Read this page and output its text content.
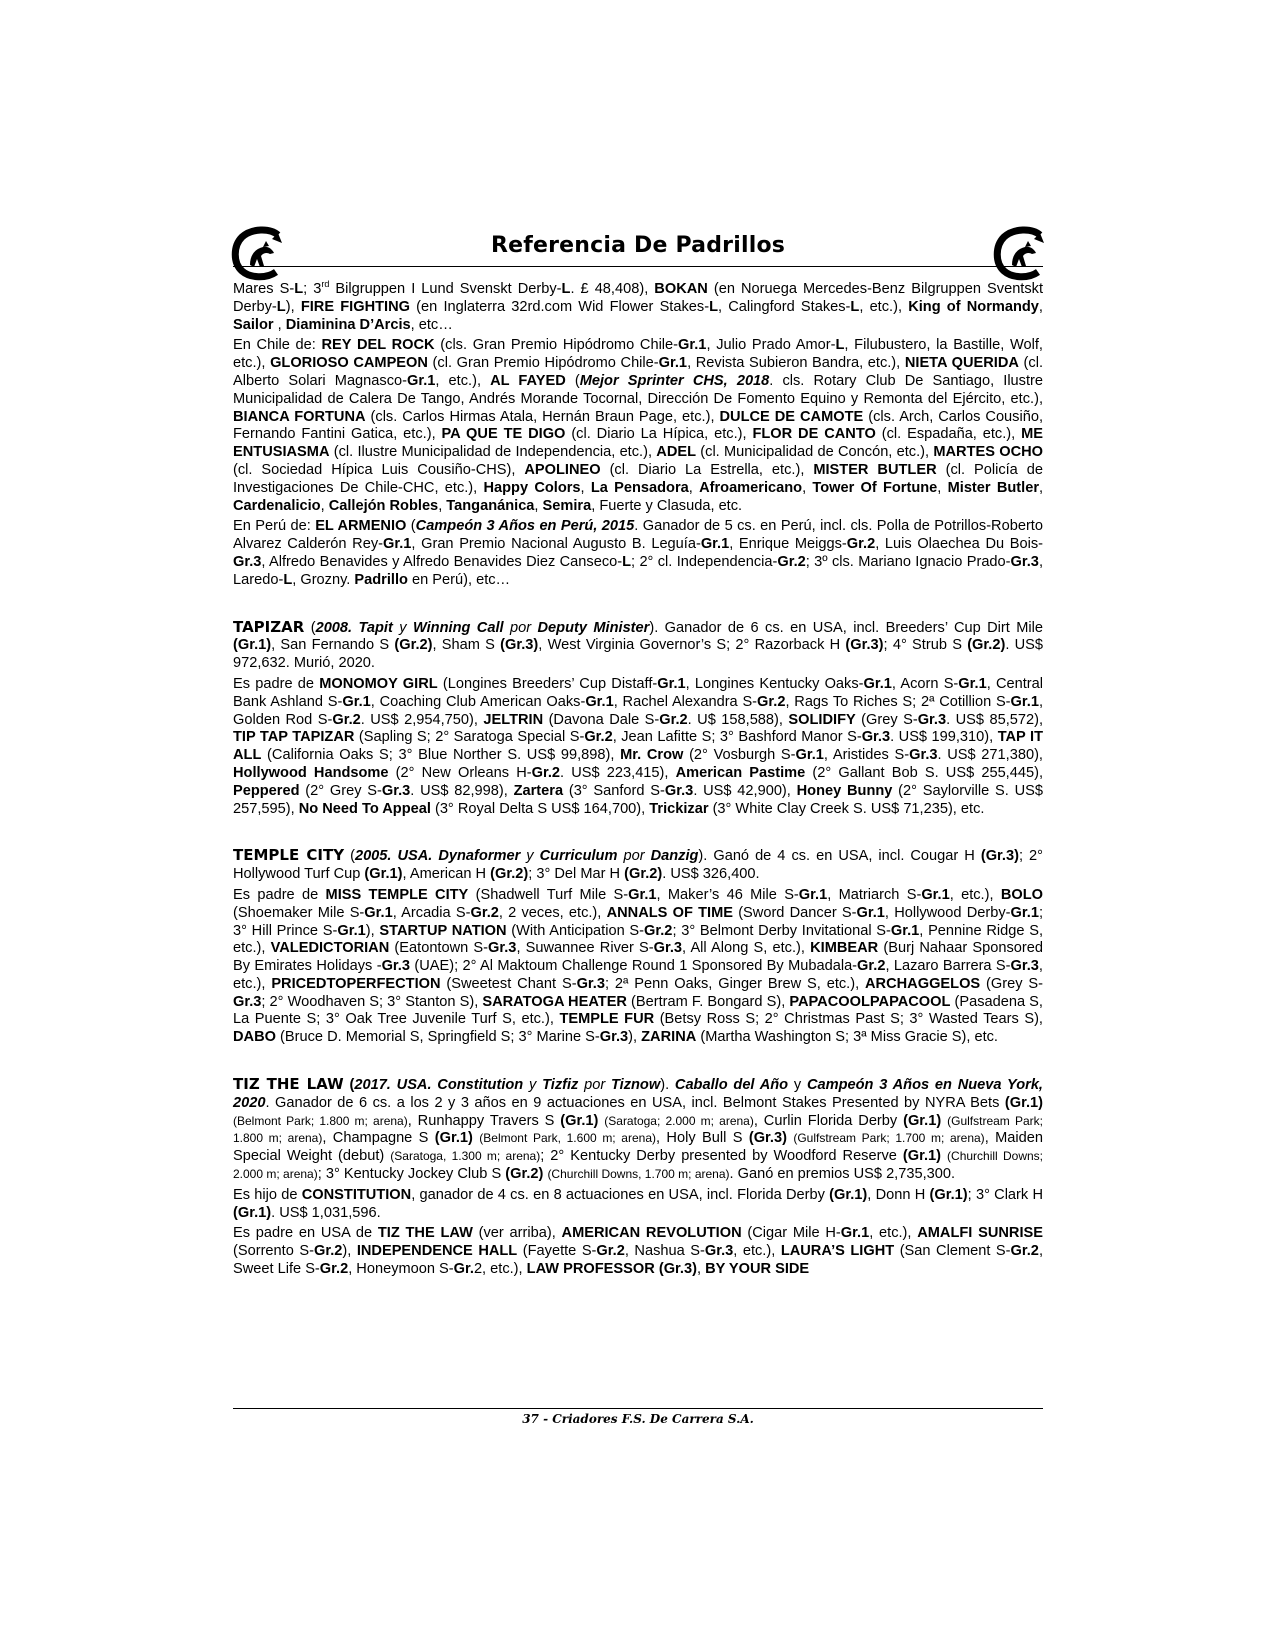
Referencia De Padrillos

Mares S-L; 3rd Bilgruppen I Lund Svenskt Derby-L. £ 48,408), BOKAN (en Noruega Mercedes-Benz Bilgruppen Sventskt Derby-L), FIRE FIGHTING (en Inglaterra 32rd.com Wid Flower Stakes-L, Calingford Stakes-L, etc.), King of Normandy, Sailor , Diaminina D’Arcis, etc…

En Chile de: REY DEL ROCK (cls. Gran Premio Hipódromo Chile-Gr.1, Julio Prado Amor-L, Filubustero, la Bastille, Wolf, etc.), GLORIOSO CAMPEON (cl. Gran Premio Hipódromo Chile-Gr.1, Revista Subieron Bandra, etc.), NIETA QUERIDA (cl. Alberto Solari Magnasco-Gr.1, etc.), AL FAYED (Mejor Sprinter CHS, 2018. cls. Rotary Club De Santiago, Ilustre Municipalidad de Calera De Tango, Andrés Morande Tocornal, Dirección De Fomento Equino y Remonta del Ejército, etc.), BIANCA FORTUNA (cls. Carlos Hirmas Atala, Hernán Braun Page, etc.), DULCE DE CAMOTE (cls. Arch, Carlos Cousiño, Fernando Fantini Gatica, etc.), PA QUE TE DIGO (cl. Diario La Hípica, etc.), FLOR DE CANTO (cl. Espadaña, etc.), ME ENTUSIASMA (cl. Ilustre Municipalidad de Independencia, etc.), ADEL (cl. Municipalidad de Concón, etc.), MARTES OCHO (cl. Sociedad Hípica Luis Cousiño-CHS), APOLINEO (cl. Diario La Estrella, etc.), MISTER BUTLER (cl. Policía de Investigaciones De Chile-CHC, etc.), Happy Colors, La Pensadora, Afroamericano, Tower Of Fortune, Mister Butler, Cardenalicio, Callejón Robles, Tanganánica, Semira, Fuerte y Clasuda, etc.

En Perú de: EL ARMENIO (Campeón 3 Años en Perú, 2015. Ganador de 5 cs. en Perú, incl. cls. Polla de Potrillos-Roberto Alvarez Calderón Rey-Gr.1, Gran Premio Nacional Augusto B. Leguía-Gr.1, Enrique Meiggs-Gr.2, Luis Olaechea Du Bois-Gr.3, Alfredo Benavides y Alfredo Benavides Diez Canseco-L; 2° cl. Independencia-Gr.2; 3º cls. Mariano Ignacio Prado-Gr.3, Laredo-L, Grozny. Padrillo en Perú), etc…

TAPIZAR (2008. Tapit y Winning Call por Deputy Minister). Ganador de 6 cs. en USA, incl. Breeders’ Cup Dirt Mile (Gr.1), San Fernando S (Gr.2), Sham S (Gr.3), West Virginia Governor’s S; 2° Razorback H (Gr.3); 4° Strub S (Gr.2). US$ 972,632. Murió, 2020.

Es padre de MONOMOY GIRL (Longines Breeders’ Cup Distaff-Gr.1, Longines Kentucky Oaks-Gr.1, Acorn S-Gr.1, Central Bank Ashland S-Gr.1, Coaching Club American Oaks-Gr.1, Rachel Alexandra S-Gr.2, Rags To Riches S; 2ª Cotillion S-Gr.1, Golden Rod S-Gr.2. US$ 2,954,750), JELTRIN (Davona Dale S-Gr.2. U$ 158,588), SOLIDIFY (Grey S-Gr.3. US$ 85,572), TIP TAP TAPIZAR (Sapling S; 2° Saratoga Special S-Gr.2, Jean Lafitte S; 3° Bashford Manor S-Gr.3. US$ 199,310), TAP IT ALL (California Oaks S; 3° Blue Norther S. US$ 99,898), Mr. Crow (2° Vosburgh S-Gr.1, Aristides S-Gr.3. US$ 271,380), Hollywood Handsome (2° New Orleans H-Gr.2. US$ 223,415), American Pastime (2° Gallant Bob S. US$ 255,445), Peppered (2° Grey S-Gr.3. US$ 82,998), Zartera (3° Sanford S-Gr.3. US$ 42,900), Honey Bunny (2° Saylorville S. US$ 257,595), No Need To Appeal (3° Royal Delta S US$ 164,700), Trickizar (3° White Clay Creek S. US$ 71,235), etc.

TEMPLE CITY (2005. USA. Dynaformer y Curriculum por Danzig). Ganó de 4 cs. en USA, incl. Cougar H (Gr.3); 2° Hollywood Turf Cup (Gr.1), American H (Gr.2); 3° Del Mar H (Gr.2). US$ 326,400.

Es padre de MISS TEMPLE CITY (Shadwell Turf Mile S-Gr.1, Maker’s 46 Mile S-Gr.1, Matriarch S-Gr.1, etc.), BOLO (Shoemaker Mile S-Gr.1, Arcadia S-Gr.2, 2 veces, etc.), ANNALS OF TIME (Sword Dancer S-Gr.1, Hollywood Derby-Gr.1; 3° Hill Prince S-Gr.1), STARTUP NATION (With Anticipation S-Gr.2; 3° Belmont Derby Invitational S-Gr.1, Pennine Ridge S, etc.), VALEDICTORIAN (Eatontown S-Gr.3, Suwannee River S-Gr.3, All Along S, etc.), KIMBEAR (Burj Nahaar Sponsored By Emirates Holidays -Gr.3 (UAE); 2° Al Maktoum Challenge Round 1 Sponsored By Mubadala-Gr.2, Lazaro Barrera S-Gr.3, etc.), PRICEDTOPERFECTION (Sweetest Chant S-Gr.3; 2ª Penn Oaks, Ginger Brew S, etc.), ARCHAGGELOS (Grey S-Gr.3; 2° Woodhaven S; 3° Stanton S), SARATOGA HEATER (Bertram F. Bongard S), PAPACOOLPAPACOOL (Pasadena S, La Puente S; 3° Oak Tree Juvenile Turf S, etc.), TEMPLE FUR (Betsy Ross S; 2° Christmas Past S; 3° Wasted Tears S), DABO (Bruce D. Memorial S, Springfield S; 3° Marine S-Gr.3), ZARINA (Martha Washington S; 3ª Miss Gracie S), etc.

TIZ THE LAW (2017. USA. Constitution y Tizfiz por Tiznow). Caballo del Año y Campeón 3 Años en Nueva York, 2020. Ganador de 6 cs. a los 2 y 3 años en 9 actuaciones en USA, incl. Belmont Stakes Presented by NYRA Bets (Gr.1) (Belmont Park; 1.800 m; arena), Runhappy Travers S (Gr.1) (Saratoga; 2.000 m; arena), Curlin Florida Derby (Gr.1) (Gulfstream Park; 1.800 m; arena), Champagne S (Gr.1) (Belmont Park, 1.600 m; arena), Holy Bull S (Gr.3) (Gulfstream Park; 1.700 m; arena), Maiden Special Weight (debut) (Saratoga, 1.300 m; arena); 2° Kentucky Derby presented by Woodford Reserve (Gr.1) (Churchill Downs; 2.000 m; arena); 3° Kentucky Jockey Club S (Gr.2) (Churchill Downs, 1.700 m; arena). Ganó en premios US$ 2,735,300.

Es hijo de CONSTITUTION, ganador de 4 cs. en 8 actuaciones en USA, incl. Florida Derby (Gr.1), Donn H (Gr.1); 3° Clark H (Gr.1). US$ 1,031,596.

Es padre en USA de TIZ THE LAW (ver arriba), AMERICAN REVOLUTION (Cigar Mile H-Gr.1, etc.), AMALFI SUNRISE (Sorrento S-Gr.2), INDEPENDENCE HALL (Fayette S-Gr.2, Nashua S-Gr.3, etc.), LAURA’S LIGHT (San Clement S-Gr.2, Sweet Life S-Gr.2, Honeymoon S-Gr.2, etc.), LAW PROFESSOR (Gr.3), BY YOUR SIDE

37 - Criadores F.S. De Carrera S.A.
